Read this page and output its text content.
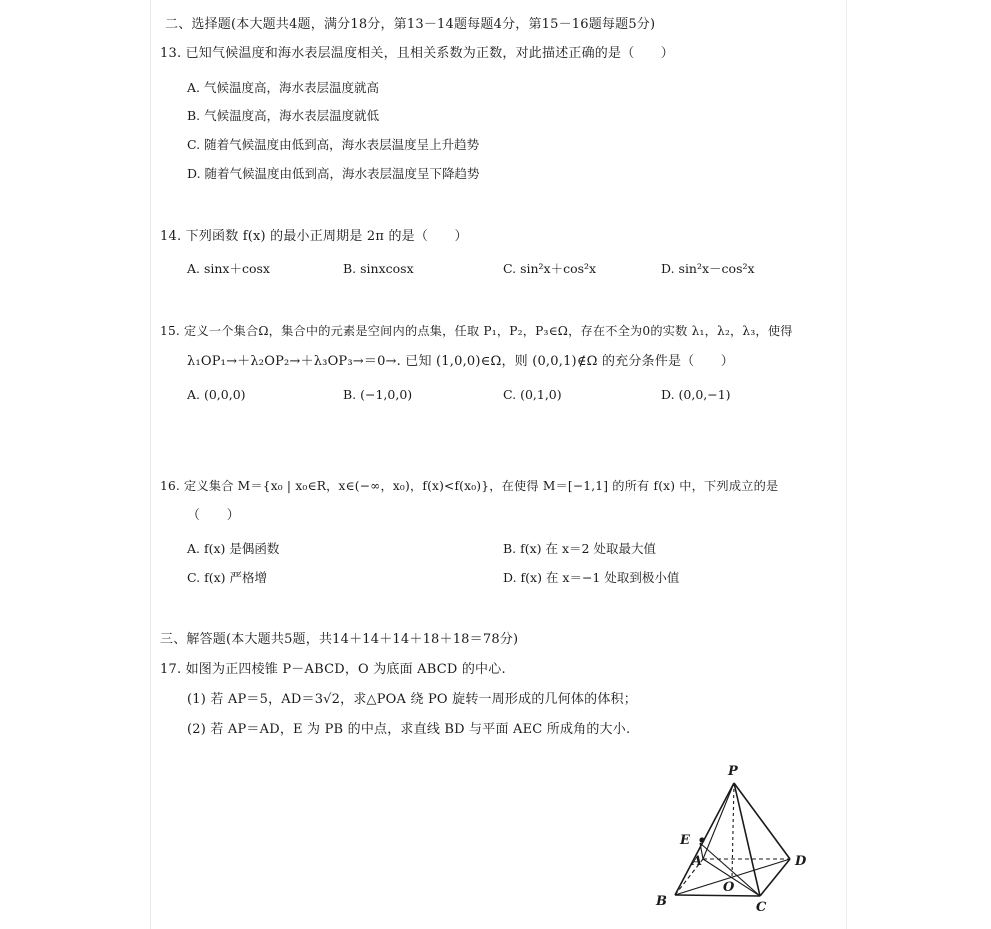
二、选择题(本大题共4题，满分18分，第13－14题每题4分，第15－16题每题5分)
13. 已知气候温度和海水表层温度相关，且相关系数为正数，对此描述正确的是（　　）
A. 气候温度高，海水表层温度就高
B. 气候温度高，海水表层温度就低
C. 随着气候温度由低到高，海水表层温度呈上升趋势
D. 随着气候温度由低到高，海水表层温度呈下降趋势
14. 下列函数 f(x) 的最小正周期是 2π 的是（　　）
A. sinx＋cosx	B. sinxcosx	C. sin²x＋cos²x	D. sin²x－cos²x
15. 定义一个集合Ω，集合中的元素是空间内的点集，任取 P₁，P₂，P₃∈Ω，存在不全为0的实数 λ₁，λ₂，λ₃，使得
λ₁OP₁→＋λ₂OP₂→＋λ₃OP₃→＝0→. 已知 (1,0,0)∈Ω，则 (0,0,1)∉Ω 的充分条件是（　　）
A. (0,0,0)	B. (−1,0,0)	C. (0,1,0)	D. (0,0,−1)
16. 定义集合 M＝{x₀ | x₀∈R，x∈(−∞，x₀)，f(x)<f(x₀)}，在使得 M＝[−1,1] 的所有 f(x) 中，下列成立的是
（　　）
A. f(x) 是偶函数	B. f(x) 在 x＝2 处取最大值
C. f(x) 严格增	D. f(x) 在 x＝−1 处取到极小值
三、解答题(本大题共5题，共14＋14＋14＋18＋18＝78分)
17. 如图为正四棱锥 P－ABCD，O 为底面 ABCD 的中心.
(1) 若 AP＝5，AD＝3√2，求△POA 绕 PO 旋转一周形成的几何体的体积；
(2) 若 AP＝AD，E 为 PB 的中点，求直线 BD 与平面 AEC 所成角的大小.
P
E
A	D
O
B	C
